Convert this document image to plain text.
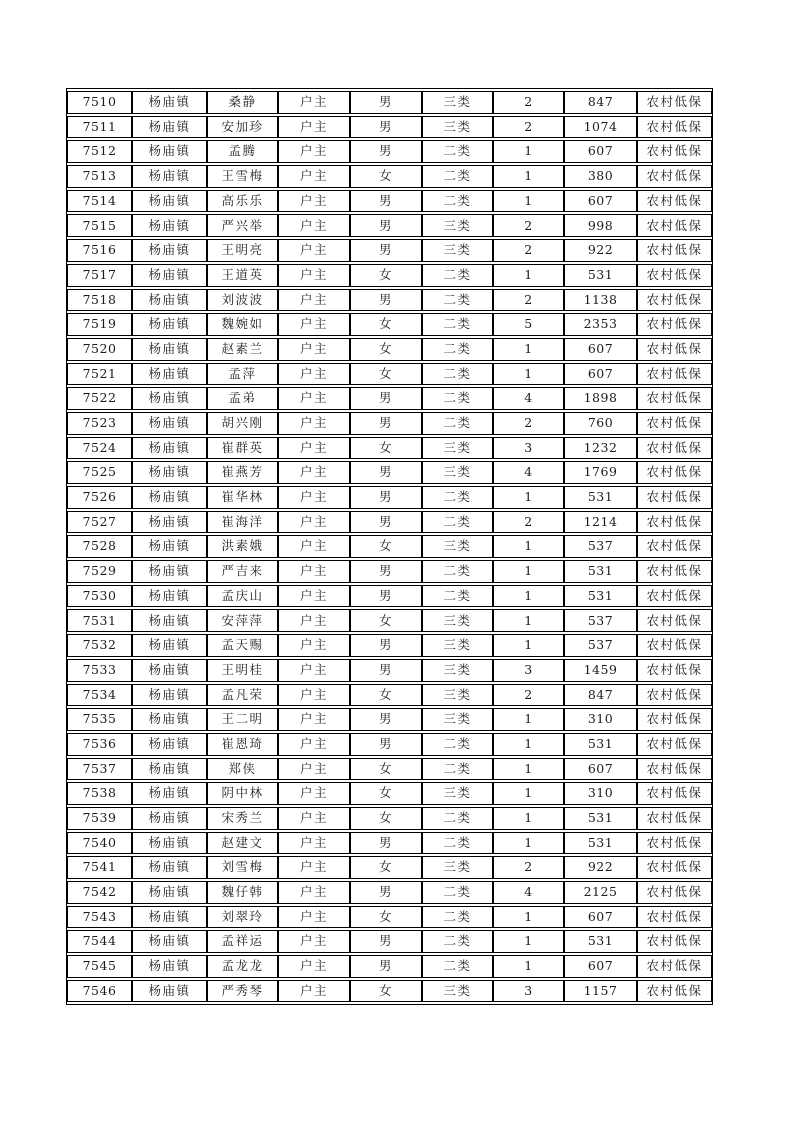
7510	杨庙镇	桑静	户主	男	三类	2	847	农村低保
7511	杨庙镇	安加珍	户主	男	三类	2	1074	农村低保
7512	杨庙镇	孟腾	户主	男	二类	1	607	农村低保
7513	杨庙镇	王雪梅	户主	女	二类	1	380	农村低保
7514	杨庙镇	高乐乐	户主	男	二类	1	607	农村低保
7515	杨庙镇	严兴举	户主	男	三类	2	998	农村低保
7516	杨庙镇	王明亮	户主	男	三类	2	922	农村低保
7517	杨庙镇	王道英	户主	女	二类	1	531	农村低保
7518	杨庙镇	刘波波	户主	男	二类	2	1138	农村低保
7519	杨庙镇	魏婉如	户主	女	二类	5	2353	农村低保
7520	杨庙镇	赵素兰	户主	女	二类	1	607	农村低保
7521	杨庙镇	孟萍	户主	女	二类	1	607	农村低保
7522	杨庙镇	孟弟	户主	男	二类	4	1898	农村低保
7523	杨庙镇	胡兴刚	户主	男	二类	2	760	农村低保
7524	杨庙镇	崔群英	户主	女	三类	3	1232	农村低保
7525	杨庙镇	崔燕芳	户主	男	三类	4	1769	农村低保
7526	杨庙镇	崔华林	户主	男	二类	1	531	农村低保
7527	杨庙镇	崔海洋	户主	男	二类	2	1214	农村低保
7528	杨庙镇	洪素娥	户主	女	三类	1	537	农村低保
7529	杨庙镇	严吉来	户主	男	二类	1	531	农村低保
7530	杨庙镇	孟庆山	户主	男	二类	1	531	农村低保
7531	杨庙镇	安萍萍	户主	女	三类	1	537	农村低保
7532	杨庙镇	孟天赐	户主	男	三类	1	537	农村低保
7533	杨庙镇	王明桂	户主	男	三类	3	1459	农村低保
7534	杨庙镇	孟凡荣	户主	女	三类	2	847	农村低保
7535	杨庙镇	王二明	户主	男	三类	1	310	农村低保
7536	杨庙镇	崔恩琦	户主	男	二类	1	531	农村低保
7537	杨庙镇	郑侠	户主	女	二类	1	607	农村低保
7538	杨庙镇	阴中林	户主	女	三类	1	310	农村低保
7539	杨庙镇	宋秀兰	户主	女	二类	1	531	农村低保
7540	杨庙镇	赵建文	户主	男	二类	1	531	农村低保
7541	杨庙镇	刘雪梅	户主	女	三类	2	922	农村低保
7542	杨庙镇	魏仔韩	户主	男	二类	4	2125	农村低保
7543	杨庙镇	刘翠玲	户主	女	二类	1	607	农村低保
7544	杨庙镇	孟祥运	户主	男	二类	1	531	农村低保
7545	杨庙镇	孟龙龙	户主	男	二类	1	607	农村低保
7546	杨庙镇	严秀琴	户主	女	三类	3	1157	农村低保
